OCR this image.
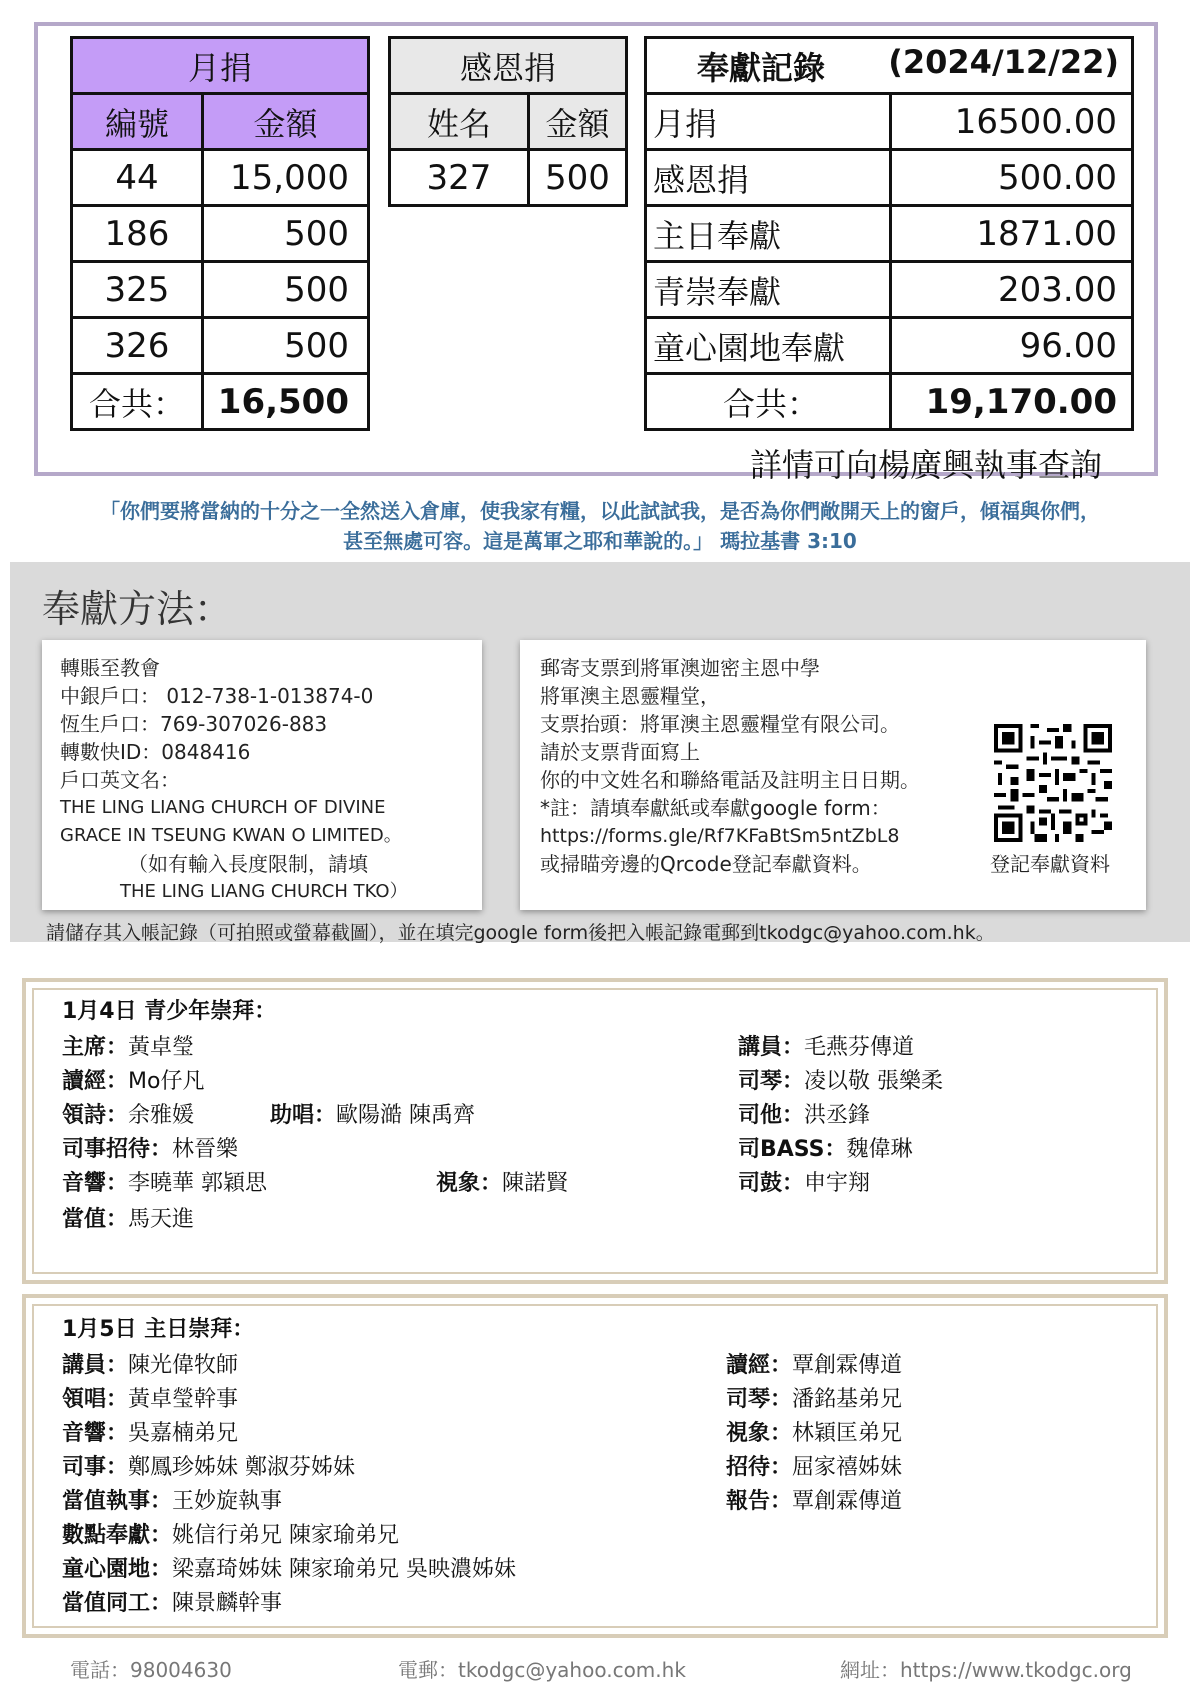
月捐	
編號	金額
44	15,000
186	500
325	500
326	500
合共：	16,500
感恩捐	
姓名	金額
327	500
奉獻記錄 (2024/12/22)	

月捐	16500.00
感恩捐	500.00
主日奉獻	1871.00
青崇奉獻	203.00
童心園地奉獻	96.00
合共：	19,170.00
詳情可向楊廣興執事查詢
「你們要將當納的十分之一全然送入倉庫，使我家有糧，以此試試我，是否為你們敞開天上的窗戶，傾福與你們，
甚至無處可容。這是萬軍之耶和華說的。」 瑪拉基書 3:10
奉獻方法：
轉賬至教會
中銀戶口： 012-738-1-013874-0
恆生戶口：769-307026-883
轉數快ID：0848416
戶口英文名：
THE LING LIANG CHURCH OF DIVINE
GRACE IN TSEUNG KWAN O LIMITED。
（如有輸入長度限制，請填
THE LING LIANG CHURCH TKO）
郵寄支票到將軍澳迦密主恩中學
將軍澳主恩靈糧堂，
支票抬頭：將軍澳主恩靈糧堂有限公司。
請於支票背面寫上
你的中文姓名和聯絡電話及註明主日日期。
*註：請填奉獻紙或奉獻google form：
https://forms.gle/Rf7KFaBtSm5ntZbL8
或掃瞄旁邊的Qrcode登記奉獻資料。	登記奉獻資料
請儲存其入帳記錄（可拍照或螢幕截圖），並在填完google form後把入帳記錄電郵到tkodgc@yahoo.com.hk。
1月4日 青少年崇拜：
主席：黃卓瑩
讀經：Mo仔凡
領詩：余雅媛	助唱：歐陽澔 陳禹齊
司事招待：林晉樂
音響：李曉華 郭穎思	視象：陳諾賢
當值：馬天進
講員：毛燕芬傳道
司琴：凌以敬 張樂柔
司他：洪丞鋒
司BASS：魏偉琳
司鼓：申宇翔
1月5日 主日崇拜：
講員：陳光偉牧師
領唱：黃卓瑩幹事
音響：吳嘉楠弟兄
司事：鄭鳳珍姊妹 鄭淑芬姊妹
當值執事：王妙旋執事
數點奉獻：姚信行弟兄 陳家瑜弟兄
童心園地：梁嘉琦姊妹 陳家瑜弟兄 吳映濃姊妹
當值同工：陳景麟幹事
讀經：覃創霖傳道
司琴：潘銘基弟兄
視象：林穎匡弟兄
招待：屈家禧姊妹
報告：覃創霖傳道
電話：98004630	電郵：tkodgc@yahoo.com.hk	網址：https://www.tkodgc.org
